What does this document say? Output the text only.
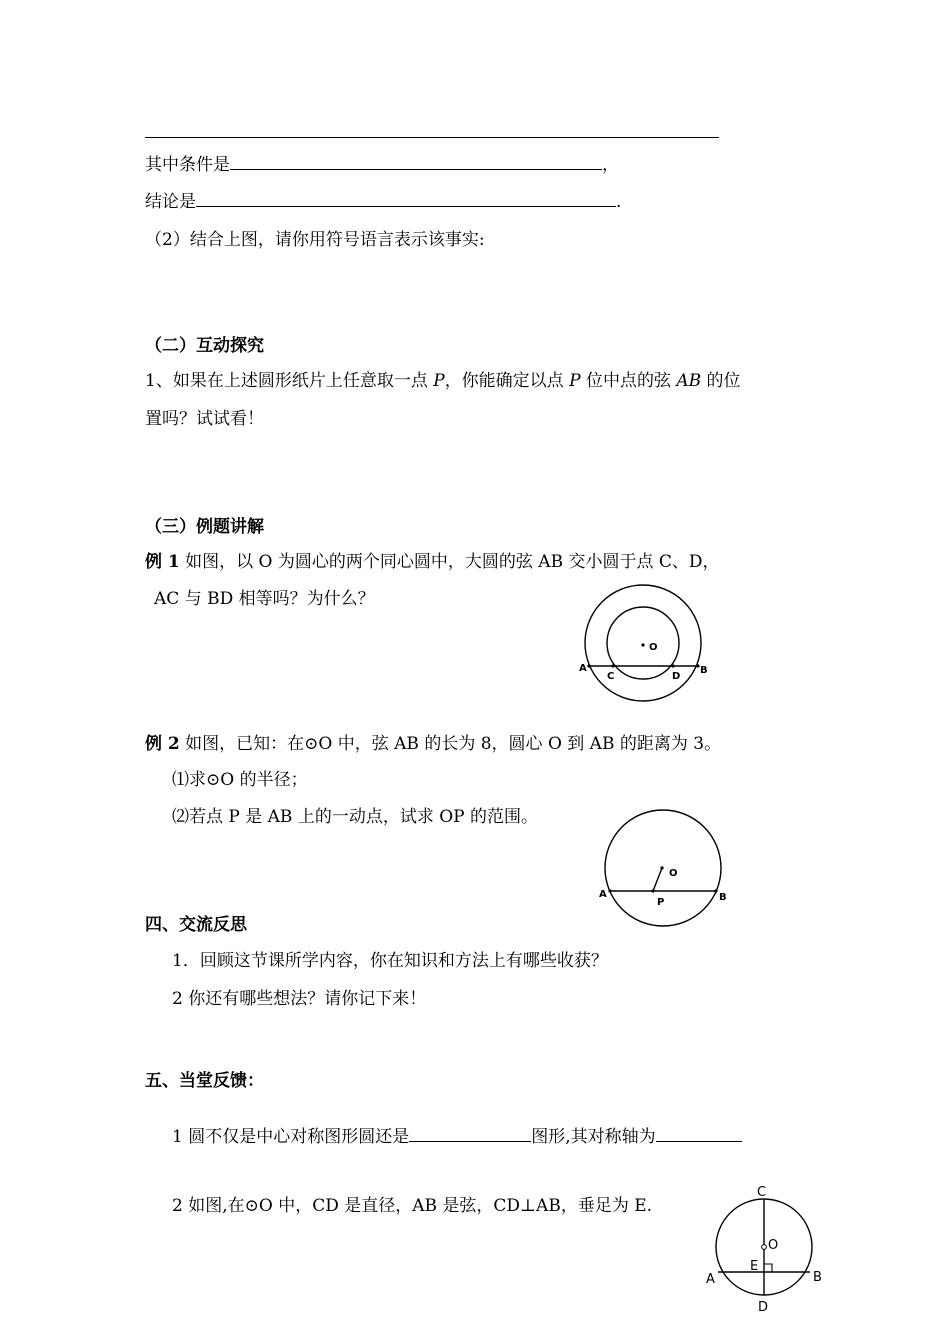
其中条件是	，
结论是	.
（2）结合上图，请你用符号语言表示该事实:
（二）互动探究
1、如果在上述圆形纸片上任意取一点 P，你能确定以点 P 位中点的弦 AB 的位
置吗？试试看！
（三）例题讲解
例 1 如图，以 O 为圆心的两个同心圆中，大圆的弦 AB 交小圆于点 C、D，
AC 与 BD 相等吗？为什么？
O
A	B
C	D
例 2 如图，已知：在⊙O 中，弦 AB 的长为 8，圆心 O 到 AB 的距离为 3。
⑴求⊙O 的半径；
⑵若点 P 是 AB 上的一动点，试求 OP 的范围。
O
A	B
P
四、交流反思
1．回顾这节课所学内容，你在知识和方法上有哪些收获？
2 你还有哪些想法？请你记下来！
五、当堂反馈：
1 圆不仅是中心对称图形圆还是	图形,其对称轴为
2 如图,在⊙O 中，CD 是直径，AB 是弦，CD⊥AB，垂足为 E.
C
O
E
A	B
D
